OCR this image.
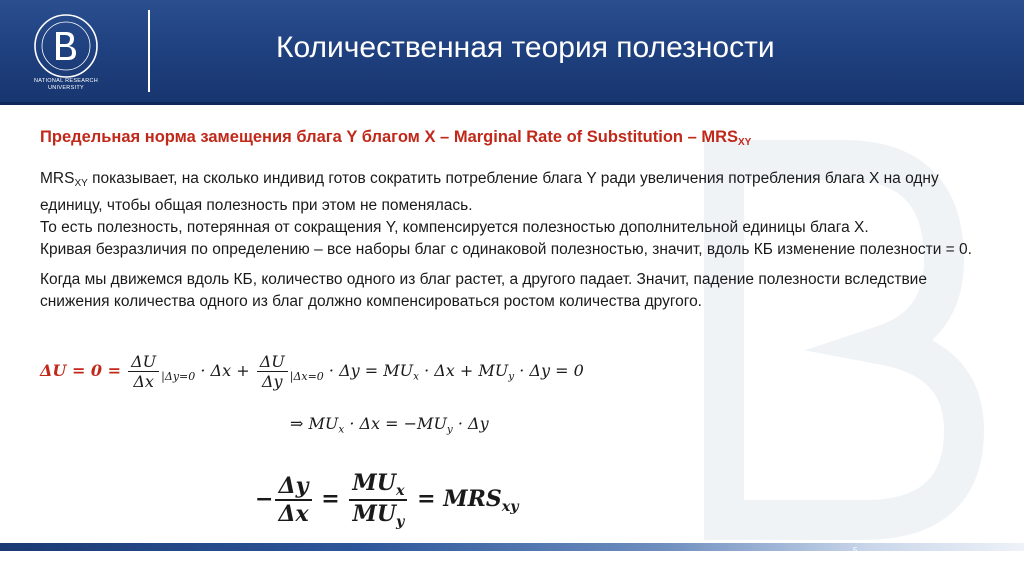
NATIONAL RESEARCH UNIVERSITY
Количественная теория полезности
Предельная норма замещения блага Y благом X – Marginal Rate of Substitution – $MRS_{XY}$
$MRS_{XY}$ показывает, на сколько индивид готов сократить потребление блага Y ради увеличения потребления блага X на одну единицу, чтобы общая полезность при этом не поменялась.
То есть полезность, потерянная от сокращения Y, компенсируется полезностью дополнительной единицы блага X.
Кривая безразличия по определению – все наборы благ с одинаковой полезностью, значит, вдоль КБ изменение полезности = 0.
Когда мы движемся вдоль КБ, количество одного из благ растет, а другого падает. Значит, падение полезности вследствие снижения количества одного из благ должно компенсироваться ростом количества другого.
$\Delta U = 0 = \frac{\Delta U}{\Delta x} _{|\Delta y=0} \cdot \Delta x + \frac{\Delta U}{\Delta y} _{|\Delta x=0} \cdot \Delta y = MU_x \cdot \Delta x + MU_y \cdot \Delta y = 0$
⇒ $MU_x \cdot \Delta x = -MU_y \cdot \Delta y$
− $\frac{\Delta y}{\Delta x} = \frac{MU_x}{MU_y} = MRS_{xy}$
5
